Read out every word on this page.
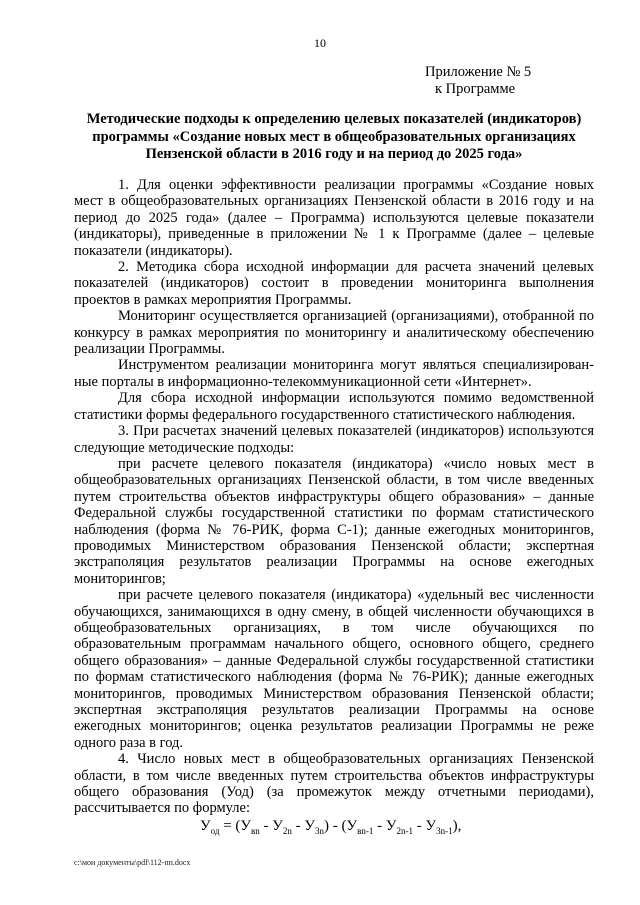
10
Приложение № 5
к Программе
Методические подходы к определению целевых показателей (индикаторов) программы «Создание новых мест в общеобразовательных организациях Пензенской области в 2016 году и на период до 2025 года»

1. Для оценки эффективности реализации программы «Создание новых мест в общеобразовательных организациях Пензенской области в 2016 году и на период до 2025 года» (далее – Программа) используются целевые показатели (индикаторы), приведенные в приложении № 1 к Программе (далее – целевые показатели (индикаторы).

2. Методика сбора исходной информации для расчета значений целевых показателей (индикаторов) состоит в проведении мониторинга выполнения проектов в рамках мероприятия Программы.

Мониторинг осуществляется организацией (организациями), отобранной по конкурсу в рамках мероприятия по мониторингу и аналитическому обеспечению реализации Программы.

Инструментом реализации мониторинга могут являться специализирован-ные порталы в информационно-телекоммуникационной сети «Интернет».

Для сбора исходной информации используются помимо ведомственной статистики формы федерального государственного статистического наблюдения.

3. При расчетах значений целевых показателей (индикаторов) используются следующие методические подходы:

при расчете целевого показателя (индикатора) «число новых мест в общеобразовательных организациях Пензенской области, в том числе введенных путем строительства объектов инфраструктуры общего образования» – данные Федеральной службы государственной статистики по формам статистического наблюдения (форма № 76-РИК, форма С-1); данные ежегодных мониторингов, проводимых Министерством образования Пензенской области; экспертная экстраполяция результатов реализации Программы на основе ежегодных мониторингов;

при расчете целевого показателя (индикатора) «удельный вес численности обучающихся, занимающихся в одну смену, в общей численности обучающихся в общеобразовательных организациях, в том числе обучающихся по образовательным программам начального общего, основного общего, среднего общего образования» – данные Федеральной службы государственной статистики по формам статистического наблюдения (форма № 76-РИК); данные ежегодных мониторингов, проводимых Министерством образования Пензенской области; экспертная экстраполяция результатов реализации Программы на основе ежегодных мониторингов; оценка результатов реализации Программы не реже одного раза в год.

4. Число новых мест в общеобразовательных организациях Пензенской области, в том числе введенных путем строительства объектов инфраструктуры общего образования (Уод) (за промежуток между отчетными периодами), рассчитывается по формуле:

$У_{од} = (У_{вn} - У_{2n} - У_{3n}) - (У_{вn-1} - У_{2n-1} - У_{3n-1})$,
c:\мои документы\pdf\112-пп.docx
